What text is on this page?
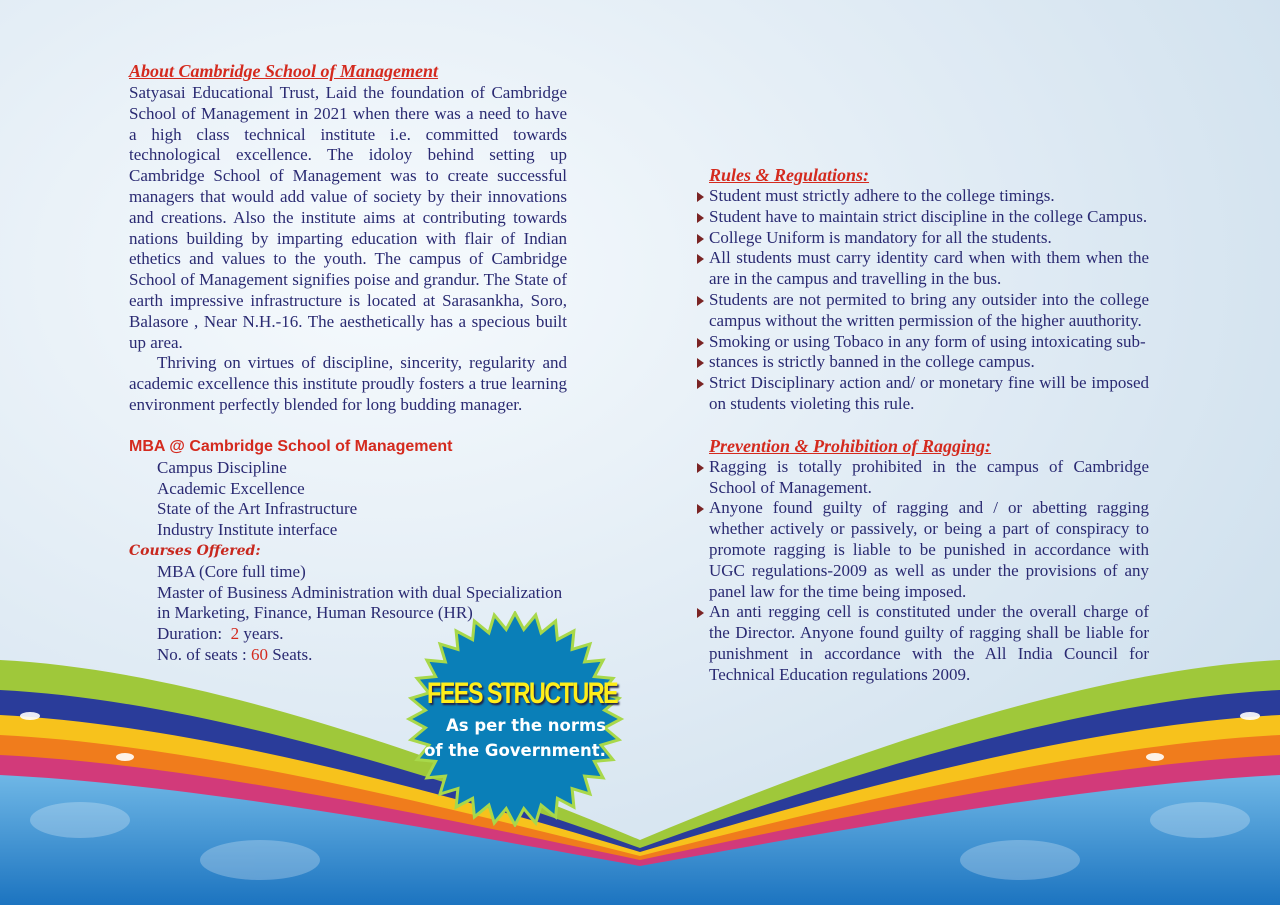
About Cambridge School of Management

Satyasai Educational Trust, Laid the foundation of Cambridge School of Management in 2021 when there was a need to have a high class technical institute i.e. committed towards technological excellence. The idoloy behind setting up Cambridge School of Management was to create successful managers that would add value of society by their innovations and creations. Also the institute aims at contributing towards nations building by imparting education with flair of Indian ethetics and values to the youth. The campus of Cambridge School of Management signifies poise and grandur. The State of earth impressive infrastructure is located at Sarasankha, Soro, Balasore , Near N.H.-16. The aesthetically has a specious built up area.

Thriving on virtues of discipline, sincerity, regularity and academic excellence this institute proudly fosters a true learning environment perfectly blended for long budding manager.

MBA @ Cambridge School of Management
Campus Discipline
Academic Excellence
State of the Art Infrastructure
Industry Institute interface
Courses Offered:
MBA (Core full time)
Master of Business Administration with dual Specialization in Marketing, Finance, Human Resource (HR)
Duration: 2 years.
No. of seats : 60 Seats.
FEES STRUCTURE
As per the norms
of the Government.
Rules & Regulations:
Student must strictly adhere to the college timings.
Student have to maintain strict discipline in the college Campus.
College Uniform is mandatory for all the students.
All students must carry identity card when with them when the are in the campus and travelling in the bus.
Students are not permited to bring any outsider into the college campus without the written permission of the higher auuthority.
Smoking or using Tobaco in any form of using intoxicating sub-
stances is strictly banned in the college campus.
Strict Disciplinary action and/ or monetary fine will be imposed on students violeting this rule.
Prevention & Prohibition of Ragging:
Ragging is totally prohibited in the campus of Cambridge School of Management.
Anyone found guilty of ragging and / or abetting ragging whether actively or passively, or being a part of conspiracy to promote ragging is liable to be punished in accordance with UGC regulations-2009 as well as under the provisions of any panel law for the time being imposed.
An anti regging cell is constituted under the overall charge of the Director. Anyone found guilty of ragging shall be liable for punishment in accordance with the All India Council for Technical Education regulations 2009.
